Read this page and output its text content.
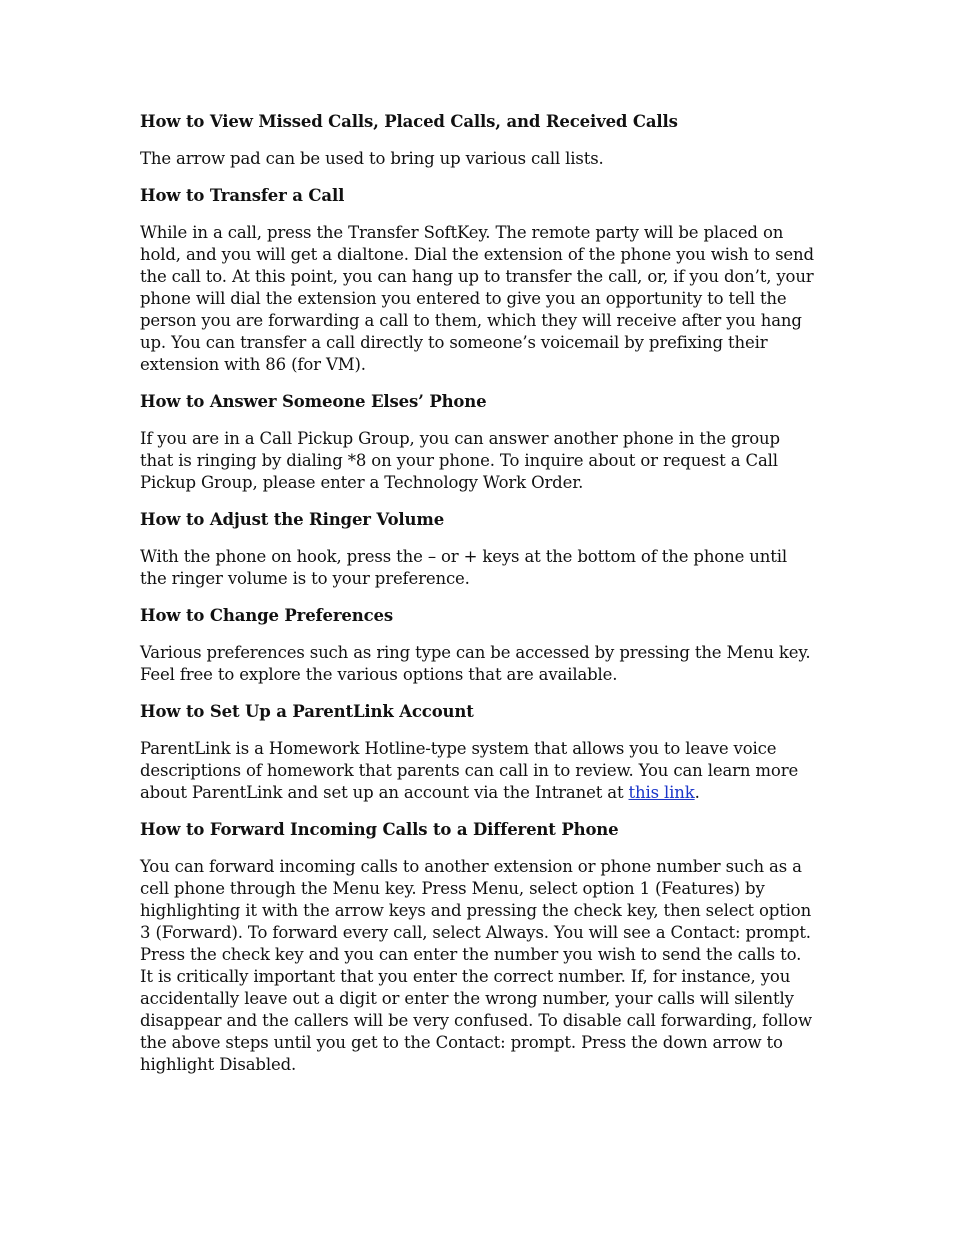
How to View Missed Calls, Placed Calls, and Received Calls

The arrow pad can be used to bring up various call lists.

How to Transfer a Call

While in a call, press the Transfer SoftKey. The remote party will be placed on hold, and you will get a dialtone. Dial the extension of the phone you wish to send the call to. At this point, you can hang up to transfer the call, or, if you don’t, your phone will dial the extension you entered to give you an opportunity to tell the person you are forwarding a call to them, which they will receive after you hang up. You can transfer a call directly to someone’s voicemail by prefixing their extension with 86 (for VM).

How to Answer Someone Elses’ Phone

If you are in a Call Pickup Group, you can answer another phone in the group that is ringing by dialing *8 on your phone. To inquire about or request a Call Pickup Group, please enter a Technology Work Order.

How to Adjust the Ringer Volume

With the phone on hook, press the – or + keys at the bottom of the phone until the ringer volume is to your preference.

How to Change Preferences

Various preferences such as ring type can be accessed by pressing the Menu key. Feel free to explore the various options that are available.

How to Set Up a ParentLink Account

ParentLink is a Homework Hotline-type system that allows you to leave voice descriptions of homework that parents can call in to review. You can learn more about ParentLink and set up an account via the Intranet at this link.

How to Forward Incoming Calls to a Different Phone

You can forward incoming calls to another extension or phone number such as a cell phone through the Menu key. Press Menu, select option 1 (Features) by highlighting it with the arrow keys and pressing the check key, then select option 3 (Forward). To forward every call, select Always. You will see a Contact: prompt. Press the check key and you can enter the number you wish to send the calls to. It is critically important that you enter the correct number. If, for instance, you accidentally leave out a digit or enter the wrong number, your calls will silently disappear and the callers will be very confused. To disable call forwarding, follow the above steps until you get to the Contact: prompt. Press the down arrow to highlight Disabled.
